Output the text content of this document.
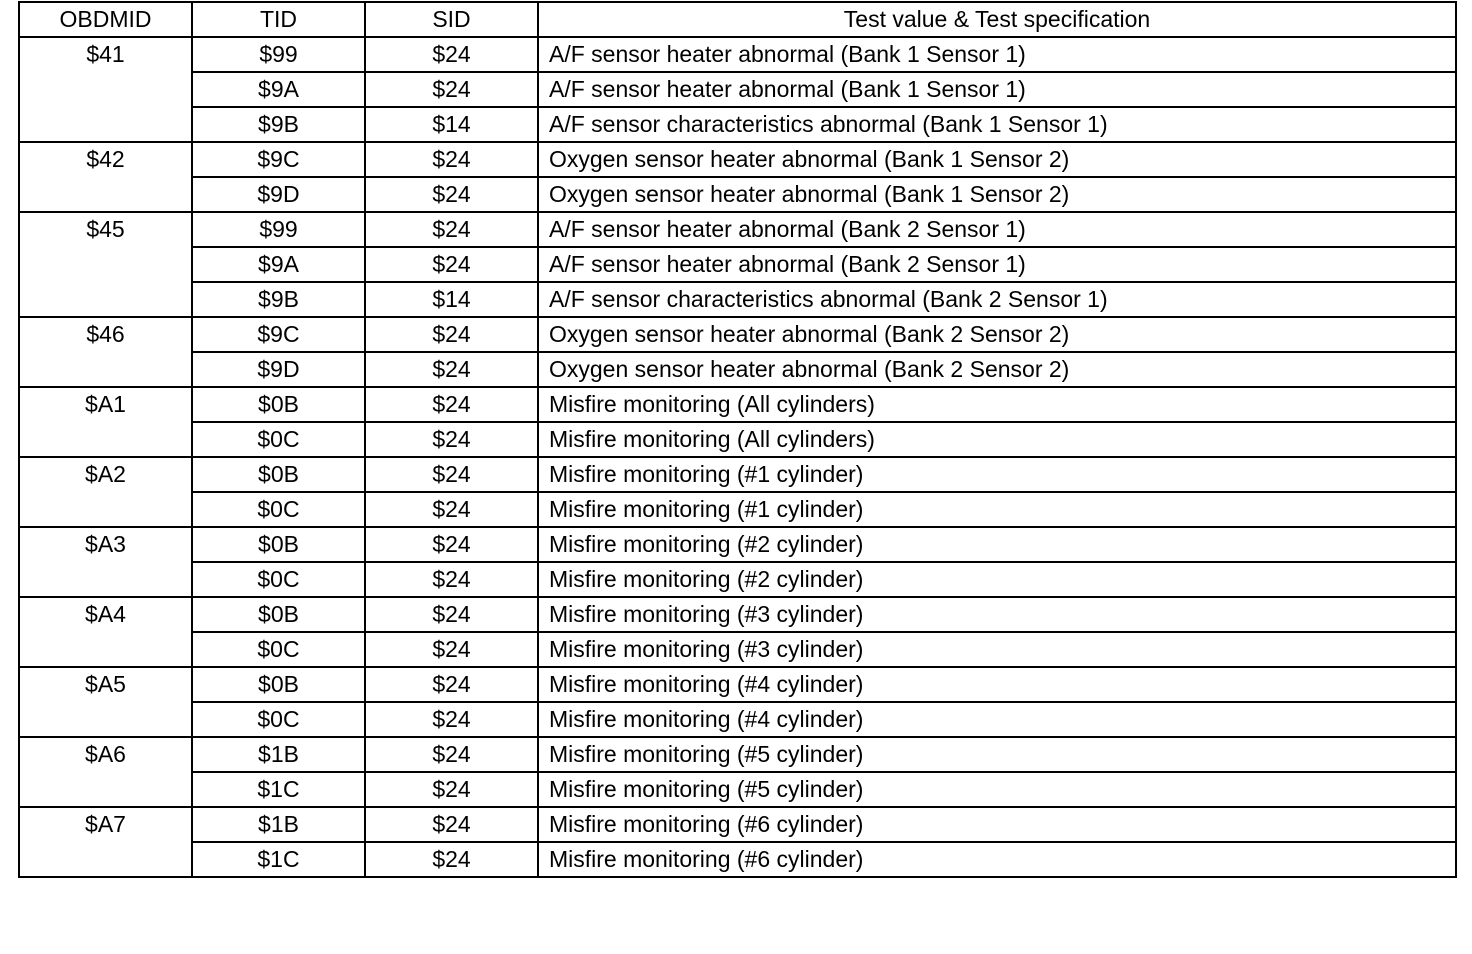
OBDMID	TID	SID	Test value & Test specification
$41	$99	$24	A/F sensor heater abnormal (Bank 1 Sensor 1)
	$9A	$24	A/F sensor heater abnormal (Bank 1 Sensor 1)
	$9B	$14	A/F sensor characteristics abnormal (Bank 1 Sensor 1)
$42	$9C	$24	Oxygen sensor heater abnormal (Bank 1 Sensor 2)
	$9D	$24	Oxygen sensor heater abnormal (Bank 1 Sensor 2)
$45	$99	$24	A/F sensor heater abnormal (Bank 2 Sensor 1)
	$9A	$24	A/F sensor heater abnormal (Bank 2 Sensor 1)
	$9B	$14	A/F sensor characteristics abnormal (Bank 2 Sensor 1)
$46	$9C	$24	Oxygen sensor heater abnormal (Bank 2 Sensor 2)
	$9D	$24	Oxygen sensor heater abnormal (Bank 2 Sensor 2)
$A1	$0B	$24	Misfire monitoring (All cylinders)
	$0C	$24	Misfire monitoring (All cylinders)
$A2	$0B	$24	Misfire monitoring (#1 cylinder)
	$0C	$24	Misfire monitoring (#1 cylinder)
$A3	$0B	$24	Misfire monitoring (#2 cylinder)
	$0C	$24	Misfire monitoring (#2 cylinder)
$A4	$0B	$24	Misfire monitoring (#3 cylinder)
	$0C	$24	Misfire monitoring (#3 cylinder)
$A5	$0B	$24	Misfire monitoring (#4 cylinder)
	$0C	$24	Misfire monitoring (#4 cylinder)
$A6	$1B	$24	Misfire monitoring (#5 cylinder)
	$1C	$24	Misfire monitoring (#5 cylinder)
$A7	$1B	$24	Misfire monitoring (#6 cylinder)
	$1C	$24	Misfire monitoring (#6 cylinder)
